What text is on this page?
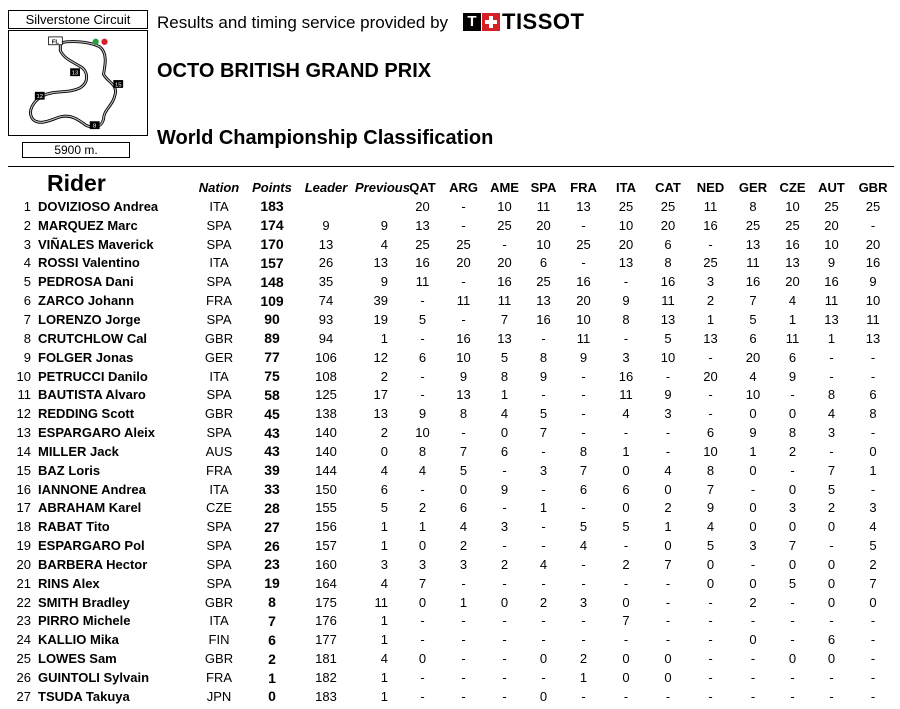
Silverstone Circuit
FL
13
15
12
8
5900 m.
Results and timing service provided by T TISSOT
OCTO BRITISH GRAND PRIX
World Championship Classification
Rider		Nation	Points	Leader	Previous	QAT	ARG	AME	SPA	FRA	ITA	CAT	NED	GER	CZE	AUT	GBR
1	DOVIZIOSO Andrea	ITA	183			20	-	10	11	13	25	25	11	8	10	25	25
2	MARQUEZ Marc	SPA	174	9	9	13	-	25	20	-	10	20	16	25	25	20	-
3	VIÑALES Maverick	SPA	170	13	4	25	25	-	10	25	20	6	-	13	16	10	20
4	ROSSI Valentino	ITA	157	26	13	16	20	20	6	-	13	8	25	11	13	9	16
5	PEDROSA Dani	SPA	148	35	9	11	-	16	25	16	-	16	3	16	20	16	9
6	ZARCO Johann	FRA	109	74	39	-	11	11	13	20	9	11	2	7	4	11	10
7	LORENZO Jorge	SPA	90	93	19	5	-	7	16	10	8	13	1	5	1	13	11
8	CRUTCHLOW Cal	GBR	89	94	1	-	16	13	-	11	-	5	13	6	11	1	13
9	FOLGER Jonas	GER	77	106	12	6	10	5	8	9	3	10	-	20	6	-	-
10	PETRUCCI Danilo	ITA	75	108	2	-	9	8	9	-	16	-	20	4	9	-	-
11	BAUTISTA Alvaro	SPA	58	125	17	-	13	1	-	-	11	9	-	10	-	8	6
12	REDDING Scott	GBR	45	138	13	9	8	4	5	-	4	3	-	0	0	4	8
13	ESPARGARO Aleix	SPA	43	140	2	10	-	0	7	-	-	-	6	9	8	3	-
14	MILLER Jack	AUS	43	140	0	8	7	6	-	8	1	-	10	1	2	-	0
15	BAZ Loris	FRA	39	144	4	4	5	-	3	7	0	4	8	0	-	7	1
16	IANNONE Andrea	ITA	33	150	6	-	0	9	-	6	6	0	7	-	0	5	-
17	ABRAHAM Karel	CZE	28	155	5	2	6	-	1	-	0	2	9	0	3	2	3
18	RABAT Tito	SPA	27	156	1	1	4	3	-	5	5	1	4	0	0	0	4
19	ESPARGARO Pol	SPA	26	157	1	0	2	-	-	4	-	0	5	3	7	-	5
20	BARBERA Hector	SPA	23	160	3	3	3	2	4	-	2	7	0	-	0	0	2
21	RINS Alex	SPA	19	164	4	7	-	-	-	-	-	-	0	0	5	0	7
22	SMITH Bradley	GBR	8	175	11	0	1	0	2	3	0	-	-	2	-	0	0
23	PIRRO Michele	ITA	7	176	1	-	-	-	-	-	7	-	-	-	-	-	-
24	KALLIO Mika	FIN	6	177	1	-	-	-	-	-	-	-	-	0	-	6	-
25	LOWES Sam	GBR	2	181	4	0	-	-	0	2	0	0	-	-	0	0	-
26	GUINTOLI Sylvain	FRA	1	182	1	-	-	-	-	1	0	0	-	-	-	-	-
27	TSUDA Takuya	JPN	0	183	1	-	-	-	0	-	-	-	-	-	-	-	-
